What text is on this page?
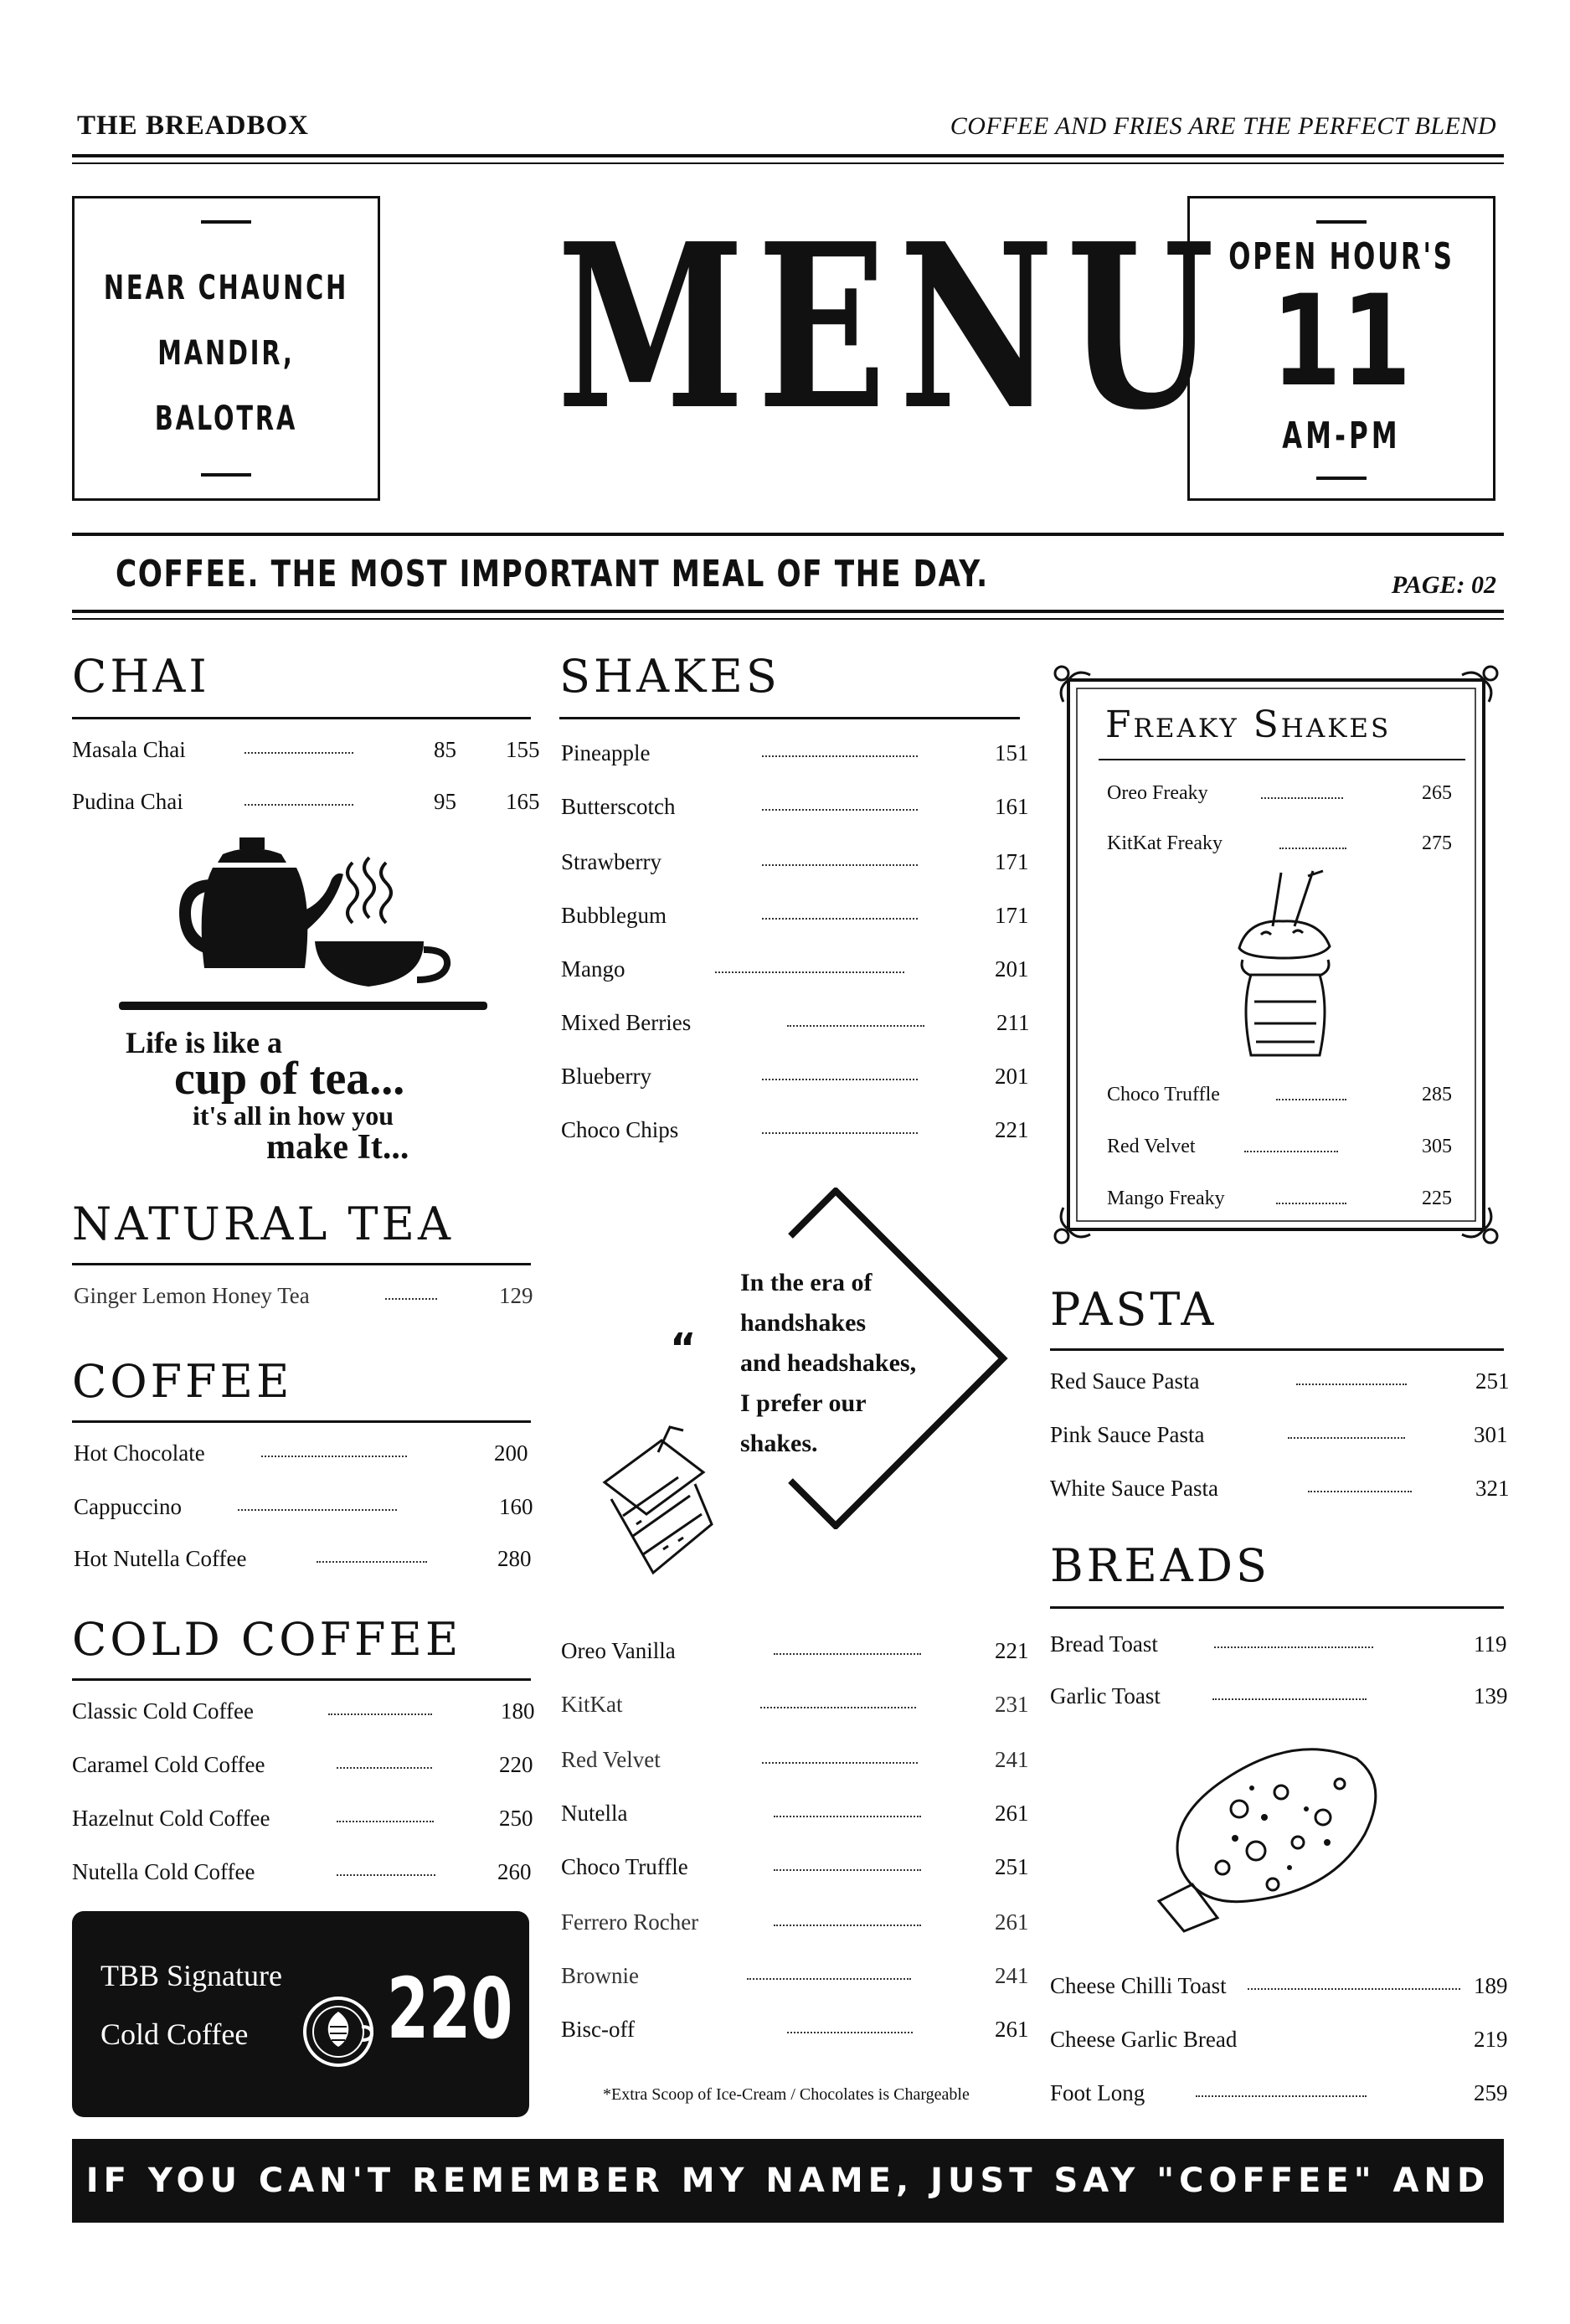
THE BREADBOX	COFFEE AND FRIES ARE THE PERFECT BLEND
NEAR CHAUNCH
MANDIR,
BALOTRA MENU OPEN HOUR'S
11
AM-PM
COFFEE. THE MOST IMPORTANT MEAL OF THE DAY.	PAGE: 02
CHAI
Masala Chai	85 155
Pudina Chai	95 165
Life is like a
cup of tea...
it's all in how you
make It...
NATURAL TEA
Ginger Lemon Honey Tea	129
COFFEE
Hot Chocolate	200
Cappuccino	160
Hot Nutella Coffee	280
COLD COFFEE
Classic Cold Coffee	180
Caramel Cold Coffee	220
Hazelnut Cold Coffee	250
Nutella Cold Coffee	260
TBB Signature
Cold Coffee 220
SHAKES
Pineapple	151
Butterscotch	161
Strawberry	171
Bubblegum	171
Mango	201
Mixed Berries	211
Blueberry	201
Choco Chips	221
“
In the era of
handshakes
and headshakes,
I prefer our
shakes.
Oreo Vanilla	221
KitKat	231
Red Velvet	241
Nutella	261
Choco Truffle	251
Ferrero Rocher	261
Brownie	241
Bisc-off	261
*Extra Scoop of Ice-Cream / Chocolates is Chargeable
Freaky Shakes
Oreo Freaky	265
KitKat Freaky	275
Choco Truffle	285
Red Velvet	305
Mango Freaky	225
PASTA
Red Sauce Pasta	251
Pink Sauce Pasta	301
White Sauce Pasta	321
BREADS
Bread Toast	119
Garlic Toast	139
Cheese Chilli Toast	189
Cheese Garlic Bread	219
Foot Long	259
IF YOU CAN'T REMEMBER MY NAME, JUST SAY "COFFEE" AND I'LL TURN AROUND
